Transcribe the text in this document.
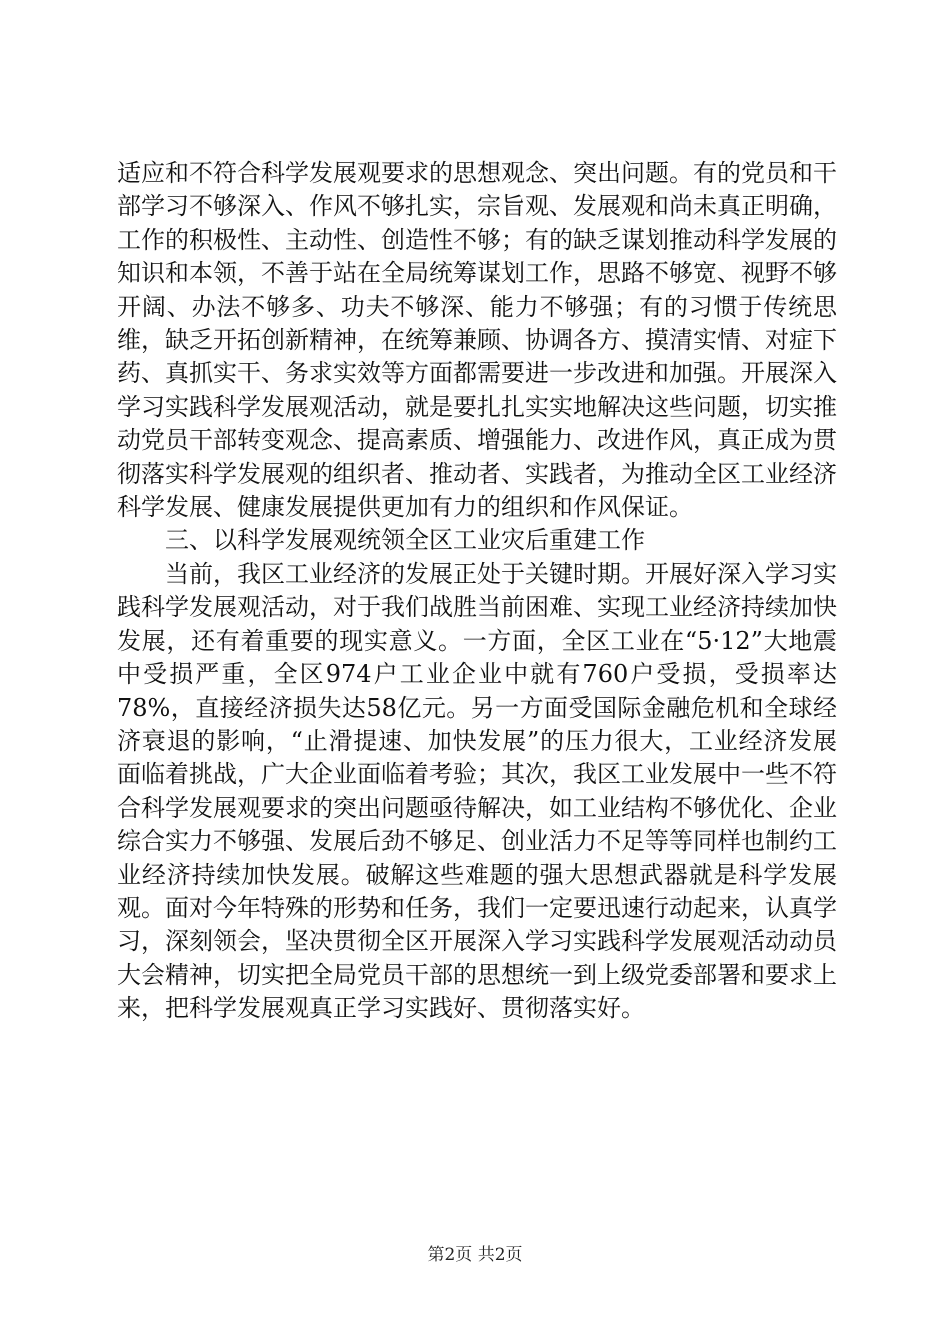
适应和不符合科学发展观要求的思想观念、突出问题。有的党员和干部学习不够深入、作风不够扎实，宗旨观、发展观和尚未真正明确，工作的积极性、主动性、创造性不够；有的缺乏谋划推动科学发展的知识和本领，不善于站在全局统筹谋划工作，思路不够宽、视野不够开阔、办法不够多、功夫不够深、能力不够强；有的习惯于传统思维，缺乏开拓创新精神，在统筹兼顾、协调各方、摸清实情、对症下药、真抓实干、务求实效等方面都需要进一步改进和加强。开展深入学习实践科学发展观活动，就是要扎扎实实地解决这些问题，切实推动党员干部转变观念、提高素质、增强能力、改进作风，真正成为贯彻落实科学发展观的组织者、推动者、实践者，为推动全区工业经济科学发展、健康发展提供更加有力的组织和作风保证。

三、以科学发展观统领全区工业灾后重建工作

当前，我区工业经济的发展正处于关键时期。开展好深入学习实践科学发展观活动，对于我们战胜当前困难、实现工业经济持续加快发展，还有着重要的现实意义。一方面，全区工业在“5·12”大地震中受损严重，全区974户工业企业中就有760户受损，受损率达78%，直接经济损失达58亿元。另一方面受国际金融危机和全球经济衰退的影响，“止滑提速、加快发展”的压力很大，工业经济发展面临着挑战，广大企业面临着考验；其次，我区工业发展中一些不符合科学发展观要求的突出问题亟待解决，如工业结构不够优化、企业综合实力不够强、发展后劲不够足、创业活力不足等等同样也制约工业经济持续加快发展。破解这些难题的强大思想武器就是科学发展观。面对今年特殊的形势和任务，我们一定要迅速行动起来，认真学习，深刻领会，坚决贯彻全区开展深入学习实践科学发展观活动动员大会精神，切实把全局党员干部的思想统一到上级党委部署和要求上来，把科学发展观真正学习实践好、贯彻落实好。

第2页 共2页
